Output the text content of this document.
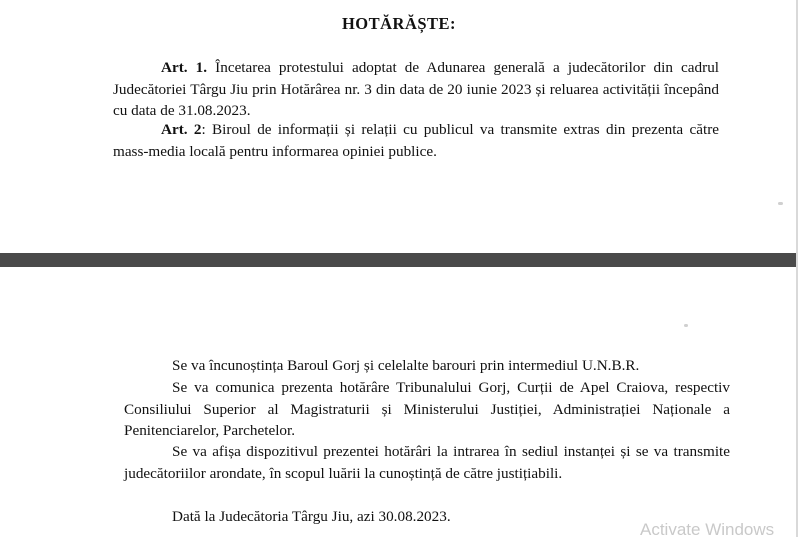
HOTĂRĂȘTE:

Art. 1. Încetarea protestului adoptat de Adunarea generală a judecătorilor din cadrul Judecătoriei Târgu Jiu prin Hotărârea nr. 3 din data de 20 iunie 2023 și reluarea activității începând cu data de 31.08.2023.

Art. 2: Biroul de informații și relații cu publicul va transmite extras din prezenta către mass-media locală pentru informarea opiniei publice.

Se va încunoștința Baroul Gorj și celelalte barouri prin intermediul U.N.B.R.

Se va comunica prezenta hotărâre Tribunalului Gorj, Curții de Apel Craiova, respectiv Consiliului Superior al Magistraturii și Ministerului Justiției, Administrației Naționale a Penitenciarelor, Parchetelor.

Se va afișa dispozitivul prezentei hotărâri la intrarea în sediul instanței și se va transmite judecătoriilor arondate, în scopul luării la cunoștință de către justițiabili.

Dată la Judecătoria Târgu Jiu, azi 30.08.2023.

Activate Windows
